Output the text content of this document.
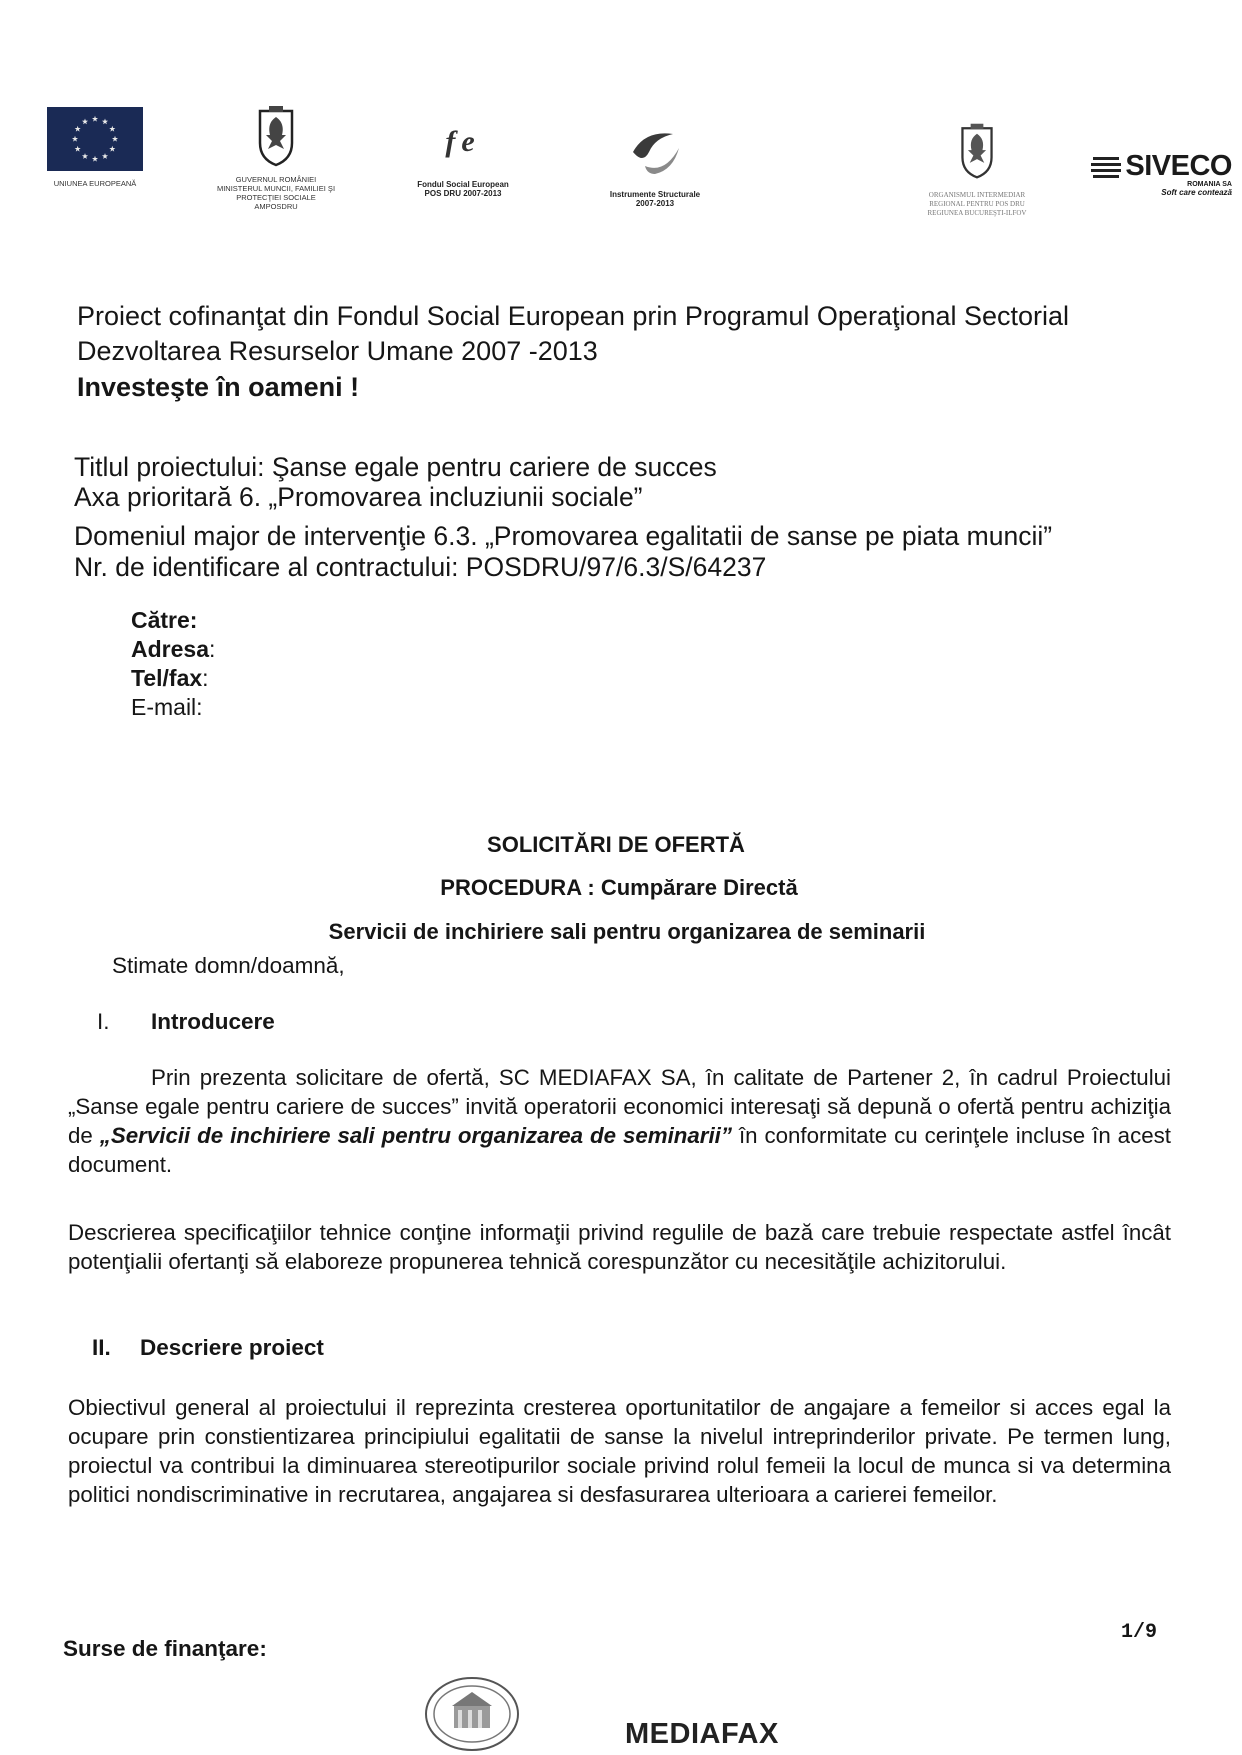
UNIUNEA EUROPEANĂ	GUVERNUL ROMÂNIEI
MINISTERUL MUNCII, FAMILIEI ŞI
PROTECŢIEI SOCIALE
AMPOSDRU
fe
Fondul Social European
POS DRU 2007-2013	Instrumente Structurale
2007-2013
ORGANISMUL INTERMEDIAR
REGIONAL PENTRU POS DRU
REGIUNEA BUCUREŞTI-ILFOV
SIVECO
ROMANIA SA
Soft care contează
Proiect cofinanţat din Fondul Social European prin Programul Operaţional Sectorial
Dezvoltarea Resurselor Umane 2007 -2013
Investeşte în oameni !
Titlul proiectului: Şanse egale pentru cariere de succes
Axa prioritară 6. „Promovarea incluziunii sociale”
Domeniul major de intervenţie 6.3. „Promovarea egalitatii de sanse pe piata muncii”
Nr. de identificare al contractului: POSDRU/97/6.3/S/64237
Către:
Adresa:
Tel/fax:
E-mail:
SOLICITĂRI DE OFERTĂ
PROCEDURA : Cumpărare Directă
Servicii de inchiriere sali pentru organizarea de seminarii
Stimate domn/doamnă,
I. Introducere
Prin prezenta solicitare de ofertă, SC MEDIAFAX SA, în calitate de Partener 2, în cadrul Proiectului „Sanse egale pentru cariere de succes” invită operatorii economici interesaţi să depună o ofertă pentru achiziţia de „Servicii de inchiriere sali pentru organizarea de seminarii” în conformitate cu cerinţele incluse în acest document.
Descrierea specificaţiilor tehnice conţine informaţii privind regulile de bază care trebuie respectate astfel încât potenţialii ofertanţi să elaboreze propunerea tehnică corespunzător cu necesităţile achizitorului.
II. Descriere proiect
Obiectivul general al proiectului il reprezinta cresterea oportunitatilor de angajare a femeilor si acces egal la ocupare prin constientizarea principiului egalitatii de sanse la nivelul intreprinderilor private. Pe termen lung, proiectul va contribui la diminuarea stereotipurilor sociale privind rolul femeii la locul de munca si va determina politici nondiscriminative in recrutarea, angajarea si desfasurarea ulterioara a carierei femeilor.
Surse de finanţare:
1/9
MEDIAFAX
